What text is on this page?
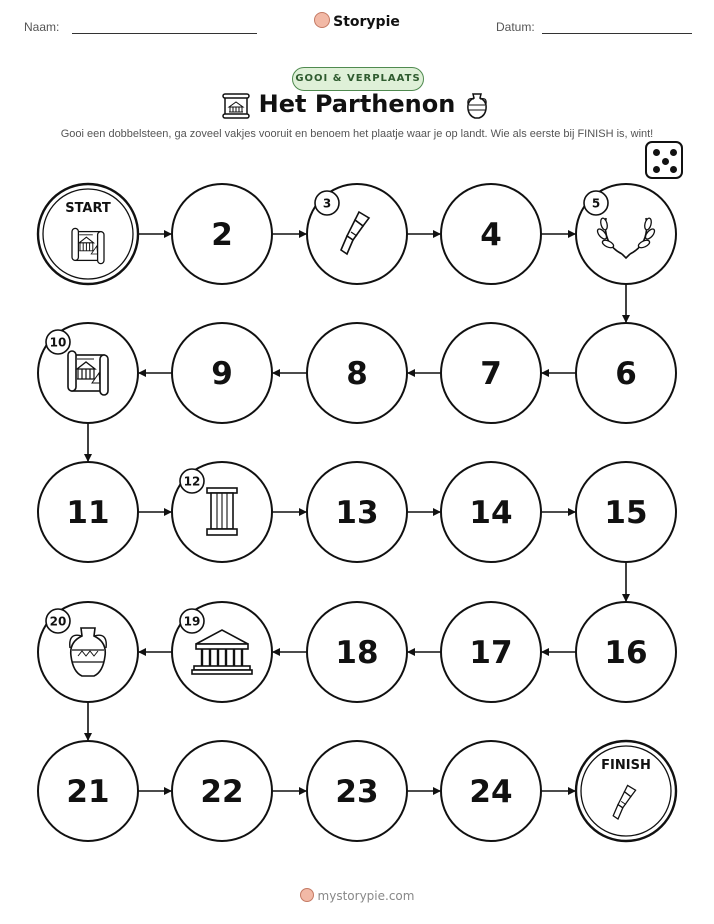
Naam:	Storypie	Datum:
GOOI & VERPLAATS
Het Parthenon
Gooi een dobbelsteen, ga zoveel vakjes vooruit en benoem het plaatje waar je op landt. Wie als eerste bij FINISH is, wint!
START
2
3
4
5
6
7
8
9
10
11
12
13	14	15
16
17
18
19
20
21	22	23	24
FINISH
mystorypie.com
